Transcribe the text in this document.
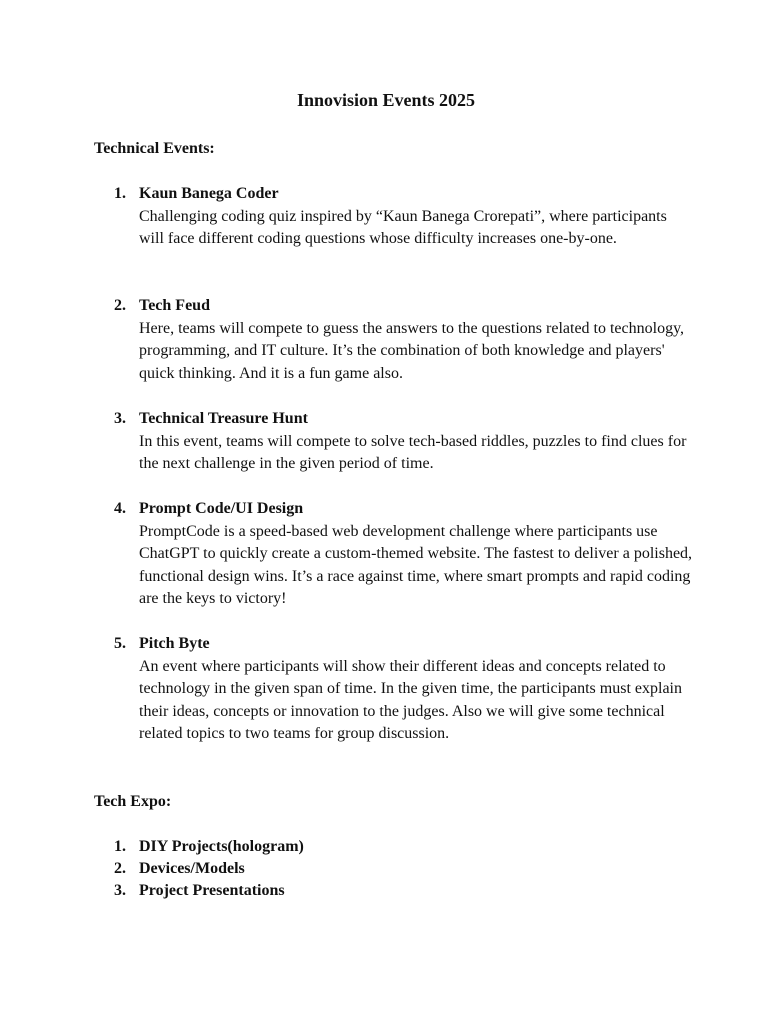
Innovision Events 2025
Technical Events:
1. Kaun Banega Coder
Challenging coding quiz inspired by “Kaun Banega Crorepati”, where participants will face different coding questions whose difficulty increases one-by-one.
2. Tech Feud
Here, teams will compete to guess the answers to the questions related to technology, programming, and IT culture. It’s the combination of both knowledge and players' quick thinking. And it is a fun game also.
3. Technical Treasure Hunt
In this event, teams will compete to solve tech-based riddles, puzzles to find clues for the next challenge in the given period of time.
4. Prompt Code/UI Design
PromptCode is a speed-based web development challenge where participants use ChatGPT to quickly create a custom-themed website. The fastest to deliver a polished, functional design wins. It’s a race against time, where smart prompts and rapid coding are the keys to victory!
5. Pitch Byte
An event where participants will show their different ideas and concepts related to technology in the given span of time. In the given time, the participants must explain their ideas, concepts or innovation to the judges. Also we will give some technical related topics to two teams for group discussion.
Tech Expo:
1. DIY Projects(hologram)
2. Devices/Models
3. Project Presentations
